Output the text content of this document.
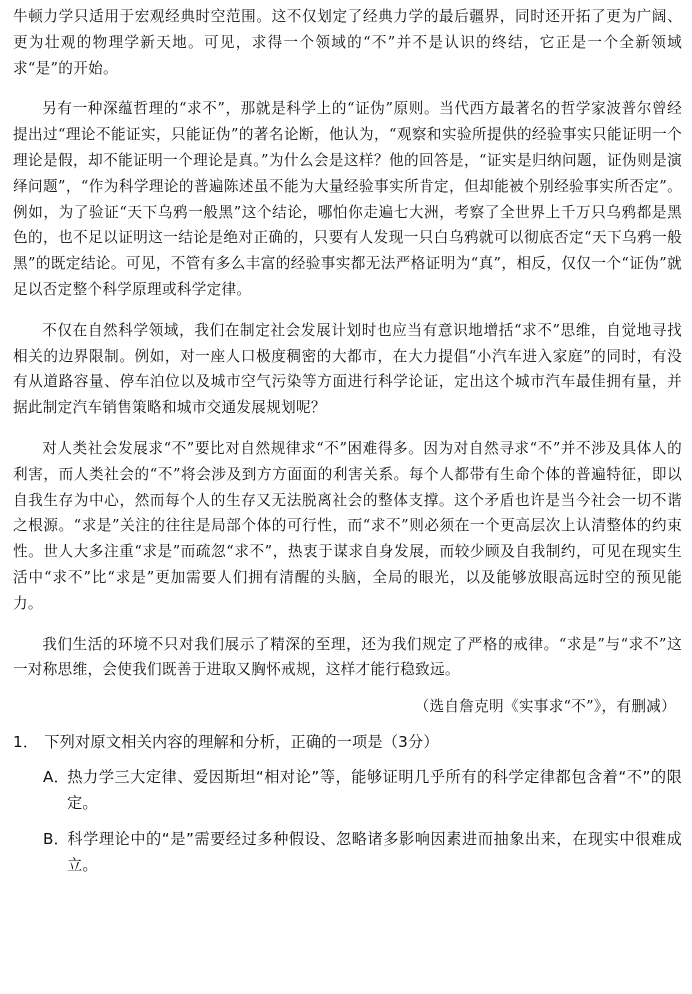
牛顿力学只适用于宏观经典时空范围。这不仅划定了经典力学的最后疆界，同时还开拓了更为广阔、更为壮观的物理学新天地。可见，求得一个领域的“不”并不是认识的终结，它正是一个全新领域求“是”的开始。

另有一种深蕴哲理的“求不”，那就是科学上的“证伪”原则。当代西方最著名的哲学家波普尔曾经提出过“理论不能证实，只能证伪”的著名论断，他认为，“观察和实验所提供的经验事实只能证明一个理论是假，却不能证明一个理论是真。”为什么会是这样？他的回答是，“证实是归纳问题，证伪则是演绎问题”，“作为科学理论的普遍陈述虽不能为大量经验事实所肯定，但却能被个别经验事实所否定”。例如，为了验证“天下乌鸦一般黑”这个结论，哪怕你走遍七大洲，考察了全世界上千万只乌鸦都是黑色的，也不足以证明这一结论是绝对正确的，只要有人发现一只白乌鸦就可以彻底否定“天下乌鸦一般黑”的既定结论。可见，不管有多么丰富的经验事实都无法严格证明为“真”，相反，仅仅一个“证伪”就足以否定整个科学原理或科学定律。

不仅在自然科学领域，我们在制定社会发展计划时也应当有意识地增括“求不”思维，自觉地寻找相关的边界限制。例如，对一座人口极度稠密的大都市，在大力提倡“小汽车进入家庭”的同时，有没有从道路容量、停车泊位以及城市空气污染等方面进行科学论证，定出这个城市汽车最佳拥有量，并据此制定汽车销售策略和城市交通发展规划呢？

对人类社会发展求“不”要比对自然规律求“不”困难得多。因为对自然寻求“不”并不涉及具体人的利害，而人类社会的“不”将会涉及到方方面面的利害关系。每个人都带有生命个体的普遍特征，即以自我生存为中心，然而每个人的生存又无法脱离社会的整体支撑。这个矛盾也许是当今社会一切不谐之根源。“求是”关注的往往是局部个体的可行性，而“求不”则必须在一个更高层次上认清整体的约束性。世人大多注重“求是”而疏忽“求不”，热衷于谋求自身发展，而较少顾及自我制约，可见在现实生活中“求不”比“求是”更加需要人们拥有清醒的头脑，全局的眼光，以及能够放眼高远时空的预见能力。

我们生活的环境不只对我们展示了精深的至理，还为我们规定了严格的戒律。“求是”与“求不”这一对称思维，会使我们既善于进取又胸怀戒规，这样才能行稳致远。

（选自詹克明《实事求“不”》，有删减）

1． 下列对原文相关内容的理解和分析，正确的一项是（3分）

A．热力学三大定律、爱因斯坦“相对论”等，能够证明几乎所有的科学定律都包含着“不”的限定。

B．科学理论中的“是”需要经过多种假设、忽略诸多影响因素进而抽象出来，在现实中很难成立。
